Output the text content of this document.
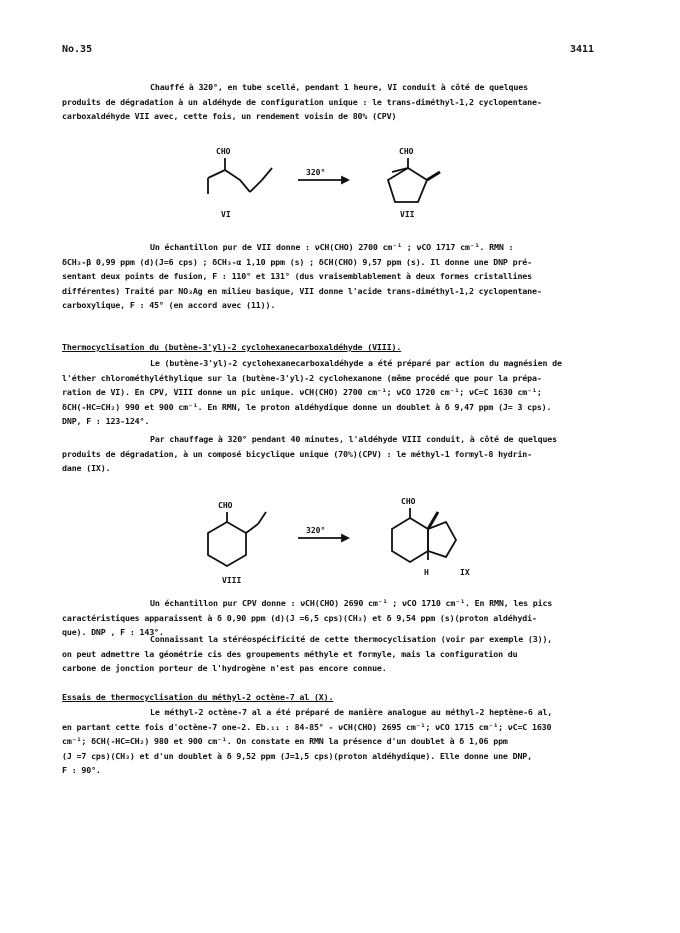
No.35	3411
Chauffé à 320°, en tube scellé, pendant 1 heure, VI conduit à côté de quelques
produits de dégradation à un aldéhyde de configuration unique : le trans-diméthyl-1,2 cyclopentane-
carboxaldéhyde VII avec, cette fois, un rendement voisin de 80% (CPV)
CHO	CHO
320°
VI	VII
Un échantillon pur de VII donne : νCH(CHO) 2700 cm⁻¹ ; νCO 1717 cm⁻¹. RMN :
δCH₃-β 0,99 ppm (d)(J=6 cps) ; δCH₃-α 1,10 ppm (s) ; δCH(CHO) 9,57 ppm (s). Il donne une DNP pré-
sentant deux points de fusion, F : 110° et 131° (dus vraisemblablement à deux formes cristallines
différentes) Traité par NO₃Ag en milieu basique, VII donne l'acide trans-diméthyl-1,2 cyclopentane-
carboxylique, F : 45° (en accord avec (11)).
Thermocyclisation du (butène-3'yl)-2 cyclohexanecarboxaldéhyde (VIII).
Le (butène-3'yl)-2 cyclohexanecarboxaldéhyde a été préparé par action du magnésien de
l'éther chlorométhyléthylique sur la (butène-3'yl)-2 cyclohexanone (même procédé que pour la prépa-
ration de VI). En CPV, VIII donne un pic unique. νCH(CHO) 2700 cm⁻¹; νCO 1720 cm⁻¹; νC=C 1630 cm⁻¹;
δCH(-HC=CH₂) 990 et 900 cm⁻¹. En RMN, le proton aldéhydique donne un doublet à δ 9,47 ppm (J= 3 cps).
DNP, F : 123-124°.
Par chauffage à 320° pendant 40 minutes, l'aldéhyde VIII conduit, à côté de quelques
produits de dégradation, à un composé bicyclique unique (70%)(CPV) : le méthyl-1 formyl-8 hydrin-
dane (IX).
CHO	CHO
320°
VIII
H	IX
Un échantillon pur CPV donne : νCH(CHO) 2690 cm⁻¹ ; νCO 1710 cm⁻¹. En RMN, les pics
caractéristiques apparaissent à δ 0,90 ppm (d)(J =6,5 cps)(CH₃) et δ 9,54 ppm (s)(proton aldéhydi-
que). DNP , F : 143°.
Connaissant la stéréospécificité de cette thermocyclisation (voir par exemple (3)),
on peut admettre la géométrie cis des groupements méthyle et formyle, mais la configuration du
carbone de jonction porteur de l'hydrogène n'est pas encore connue.
Essais de thermocyclisation du méthyl-2 octène-7 al (X).
Le méthyl-2 octène-7 al a été préparé de manière analogue au méthyl-2 heptène-6 al,
en partant cette fois d'octène-7 one-2. Eb.₁₁ : 84-85° - νCH(CHO) 2695 cm⁻¹; νCO 1715 cm⁻¹; νC=C 1630
cm⁻¹; δCH(-HC=CH₂) 980 et 900 cm⁻¹. On constate en RMN la présence d'un doublet à δ 1,06 ppm
(J =7 cps)(CH₃) et d'un doublet à δ 9,52 ppm (J=1,5 cps)(proton aldéhydique). Elle donne une DNP,
F : 90°.
